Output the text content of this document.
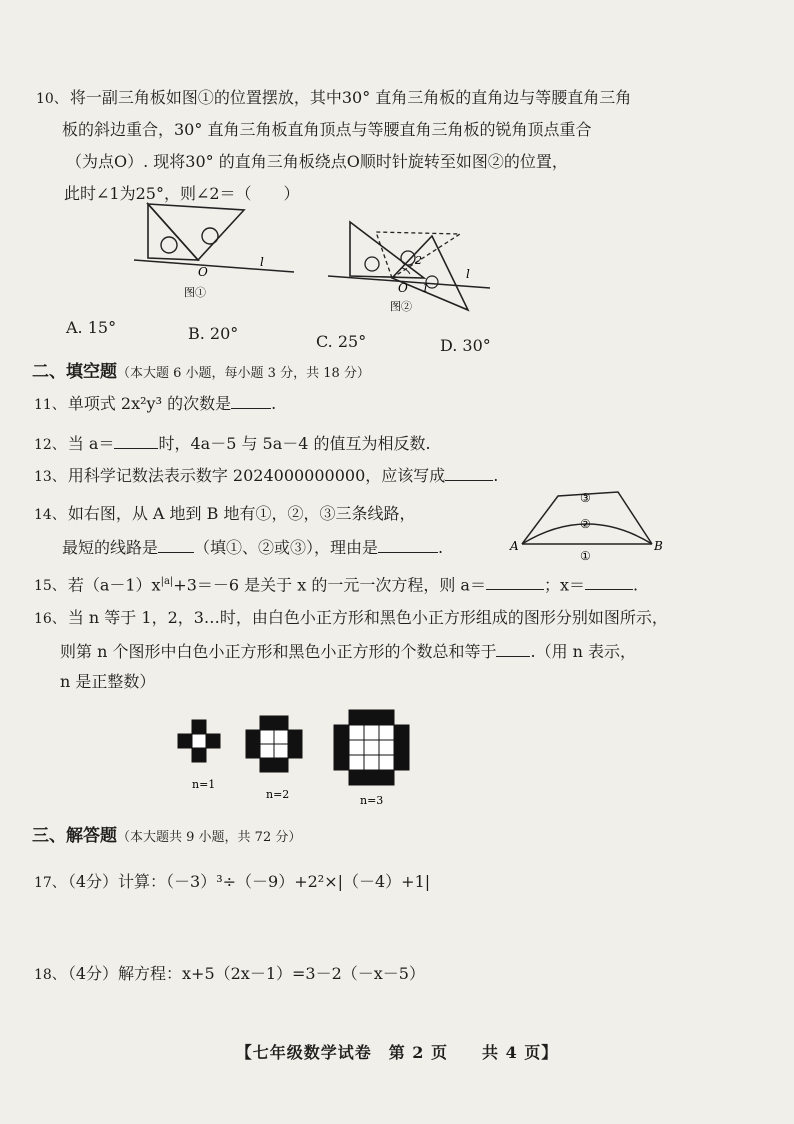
10、 将一副三角板如图①的位置摆放，其中30° 直角三角板的直角边与等腰直角三角
板的斜边重合，30° 直角三角板直角顶点与等腰直角三角板的锐角顶点重合
（为点O）. 现将30° 的直角三角板绕点O顺时针旋转至如图②的位置，
此时∠1为25°，则∠2＝（　　）
O
l
图①
2
1
O
l
图②
A. 15°	B. 20°	C. 25°	D. 30°
二、填空题（本大题 6 小题，每小题 3 分，共 18 分）
11、 单项式 2x²y³ 的次数是	.
12、 当 a＝	时，4a－5 与 5a－4 的值互为相反数.
13、 用科学记数法表示数字 2024000000000，应该写成	.
14、 如右图，从 A 地到 B 地有①，②，③三条线路，
最短的线路是 （填①、②或③），理由是	.	A	B
①
②
③
15、 若$(a-1)x^{|a|}+3=-6$ 是关于 x 的一元一次方程，则 a＝	；x＝	.
16、 当 n 等于 1，2，3…时，由白色小正方形和黑色小正方形组成的图形分别如图所示，
则第 n 个图形中白色小正方形和黑色小正方形的个数总和等于 .（用 n 表示，
n 是正整数）
n=1
n=2	n=3
三、解答题（本大题共 9 小题，共 72 分）
17、 （4分）计算：（－3）³÷（－9）+2²×|（－4）+1|
18、 （4分）解方程：x+5（2x－1）=3－2（－x－5）
【七年级数学试卷　第 2 页　　共 4 页】
